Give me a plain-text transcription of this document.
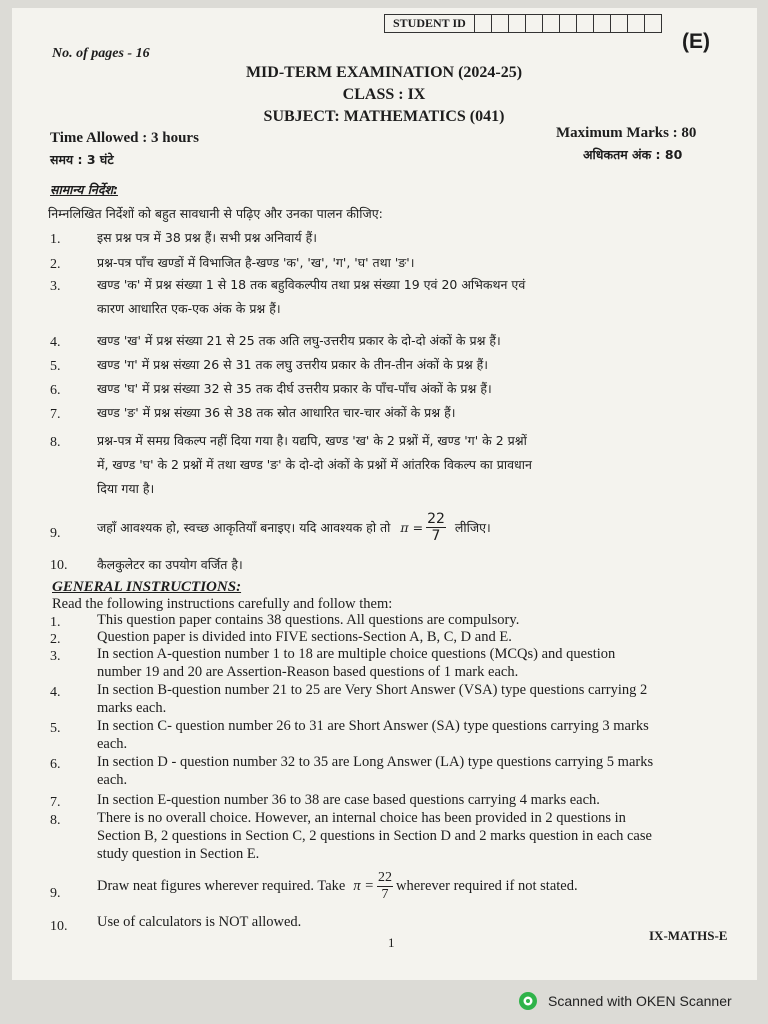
STUDENT ID
(E)
No. of pages - 16
MID-TERM EXAMINATION (2024-25)
CLASS : IX
SUBJECT: MATHEMATICS (041)
Time Allowed : 3 hours
समय : 3 घंटे
Maximum Marks : 80
अधिकतम अंक : 80
सामान्य निर्देश:
निम्नलिखित निर्देशों को बहुत सावधानी से पढ़िए और उनका पालन कीजिए:
1.	इस प्रश्न पत्र में 38 प्रश्न हैं। सभी प्रश्न अनिवार्य हैं।
2.	प्रश्न-पत्र पाँच खण्डों में विभाजित है-खण्ड 'क', 'ख', 'ग', 'घ' तथा 'ङ'।
3.	खण्ड 'क' में प्रश्न संख्या 1 से 18 तक बहुविकल्पीय तथा प्रश्न संख्या 19 एवं 20 अभिकथन एवं
कारण आधारित एक-एक अंक के प्रश्न हैं।
4.	खण्ड 'ख' में प्रश्न संख्या 21 से 25 तक अति लघु-उत्तरीय प्रकार के दो-दो अंकों के प्रश्न हैं।
5.	खण्ड 'ग' में प्रश्न संख्या 26 से 31 तक लघु उत्तरीय प्रकार के तीन-तीन अंकों के प्रश्न हैं।
6.	खण्ड 'घ' में प्रश्न संख्या 32 से 35 तक दीर्घ उत्तरीय प्रकार के पाँच-पाँच अंकों के प्रश्न हैं।
7.	खण्ड 'ङ' में प्रश्न संख्या 36 से 38 तक स्रोत आधारित चार-चार अंकों के प्रश्न हैं।
8.	प्रश्न-पत्र में समग्र विकल्प नहीं दिया गया है। यद्यपि, खण्ड 'ख' के 2 प्रश्नों में, खण्ड 'ग' के 2 प्रश्नों
में, खण्ड 'घ' के 2 प्रश्नों में तथा खण्ड 'ङ' के दो-दो अंकों के प्रश्नों में आंतरिक विकल्प का प्रावधान
दिया गया है।
9.	जहाँ आवश्यक हो, स्वच्छ आकृतियाँ बनाइए। यदि आवश्यक हो तो $\pi = \frac{22}{7}$ लीजिए।
10. कैलकुलेटर का उपयोग वर्जित है।
GENERAL INSTRUCTIONS:
Read the following instructions carefully and follow them:
1.	This question paper contains 38 questions. All questions are compulsory.
2.	Question paper is divided into FIVE sections-Section A, B, C, D and E.
3.	In section A-question number 1 to 18 are multiple choice questions (MCQs) and question
number 19 and 20 are Assertion-Reason based questions of 1 mark each.
4.	In section B-question number 21 to 25 are Very Short Answer (VSA) type questions carrying 2
marks each.
5.	In section C- question number 26 to 31 are Short Answer (SA) type questions carrying 3 marks
each.
6.	In section D - question number 32 to 35 are Long Answer (LA) type questions carrying 5 marks
each.
7.	In section E-question number 36 to 38 are case based questions carrying 4 marks each.
8.	There is no overall choice. However, an internal choice has been provided in 2 questions in
Section B, 2 questions in Section C, 2 questions in Section D and 2 marks question in each case
study question in Section E.
9.	Draw neat figures wherever required. Take $\pi = \frac{22}{7}$ wherever required if not stated.
10. Use of calculators is NOT allowed.
1	IX-MATHS-E
Scanned with OKEN Scanner
